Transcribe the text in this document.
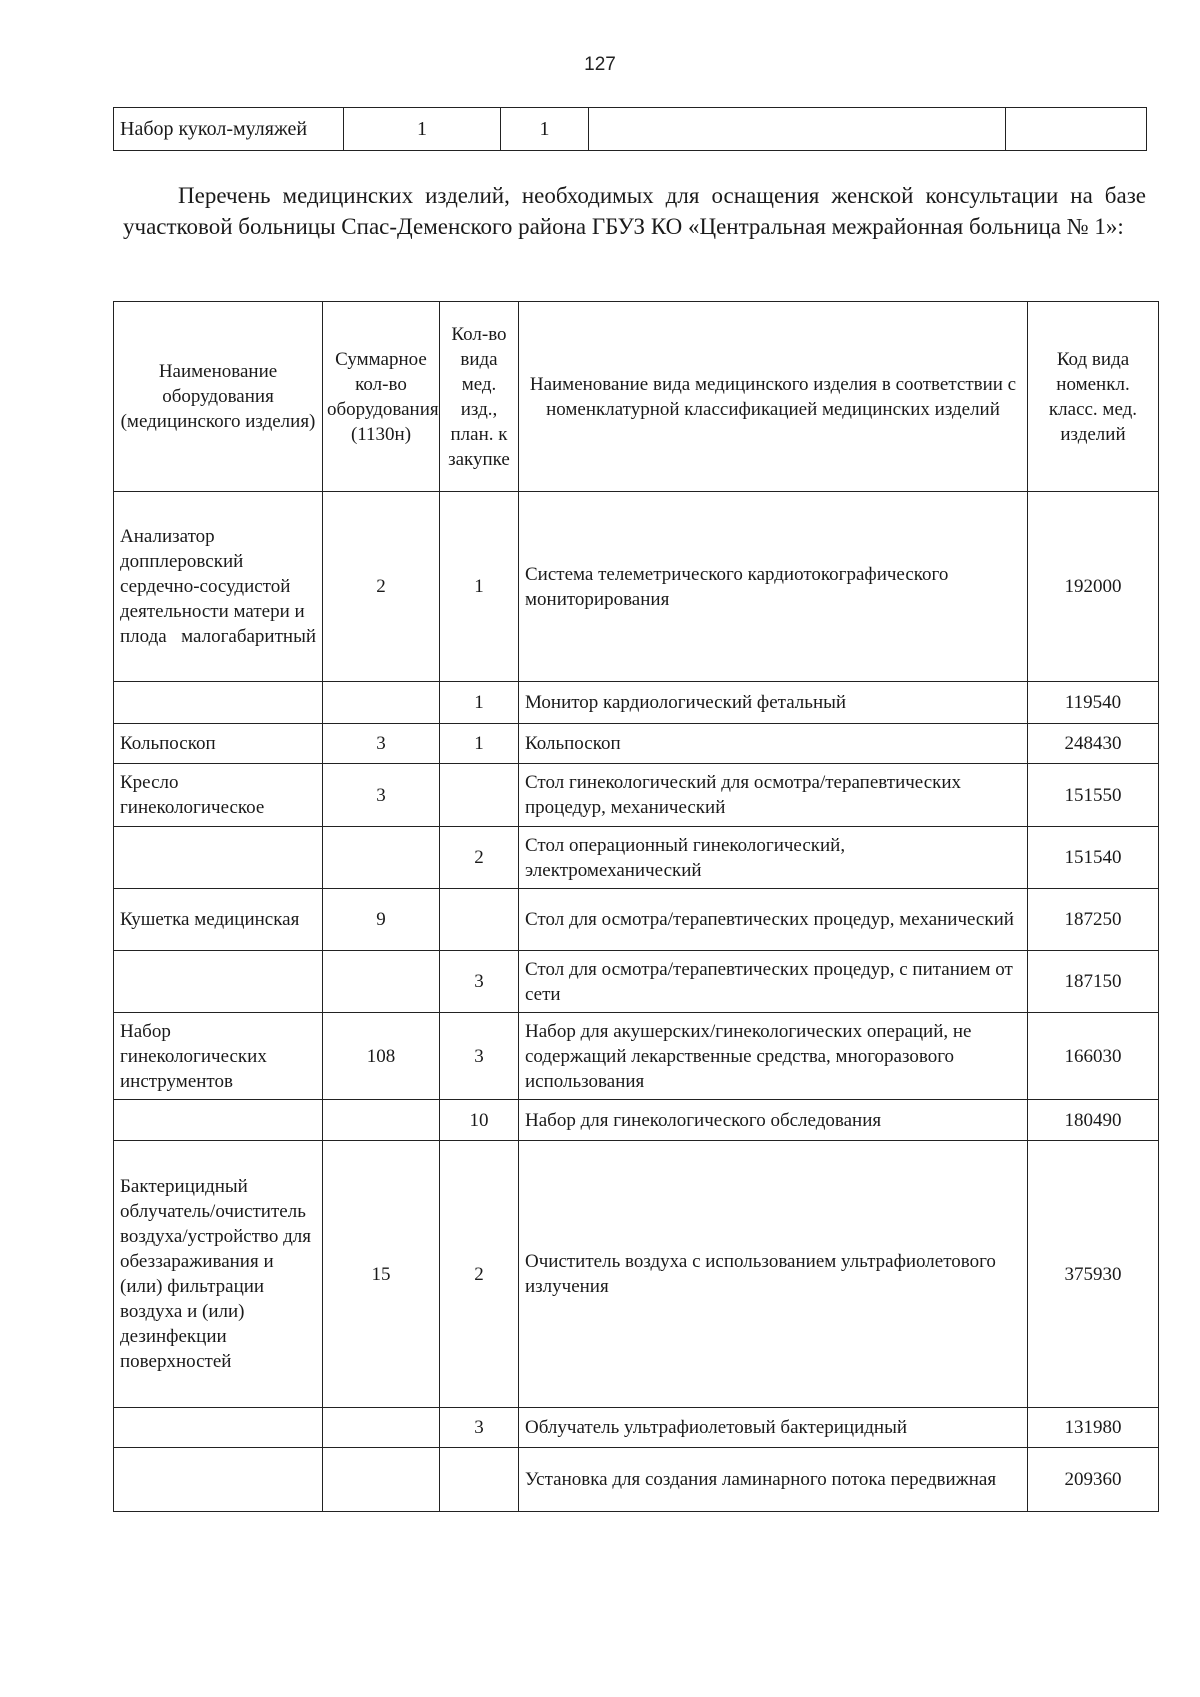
127
Набор кукол-муляжей	1	1		

Перечень медицинских изделий, необходимых для оснащения женской консультации на базе участковой больницы Спас-Деменского района ГБУЗ КО «Центральная межрайонная больница № 1»:

Наименование оборудования (медицинского изделия)	Суммарное кол-во оборудования (1130н)	Кол-во вида мед. изд., план. к закупке	Наименование вида медицинского изделия в соответствии с номенклатурной классификацией медицинских изделий	Код вида номенкл. класс. мед. изделий
Анализатор допплеровский сердечно-сосудистой деятельности матери и плода малогабаритный	2	1	Система телеметрического кардиотокографического мониторирования	192000
		1	Монитор кардиологический фетальный	119540
Кольпоскоп	3	1	Кольпоскоп	248430
Кресло гинекологическое	3		Стол гинекологический для осмотра/терапевтических процедур, механический	151550
		2	Стол операционный гинекологический, электромеханический	151540
Кушетка медицинская	9		Стол для осмотра/терапевтических процедур, механический	187250
		3	Стол для осмотра/терапевтических процедур, с питанием от сети	187150
Набор гинекологических инструментов	108	3	Набор для акушерских/гинекологических операций, не содержащий лекарственные средства, многоразового использования	166030
		10	Набор для гинекологического обследования	180490
Бактерицидный облучатель/очиститель воздуха/устройство для обеззараживания и (или) фильтрации воздуха и (или) дезинфекции поверхностей	15	2	Очиститель воздуха с использованием ультрафиолетового излучения	375930
		3	Облучатель ультрафиолетовый бактерицидный	131980
			Установка для создания ламинарного потока передвижная	209360
